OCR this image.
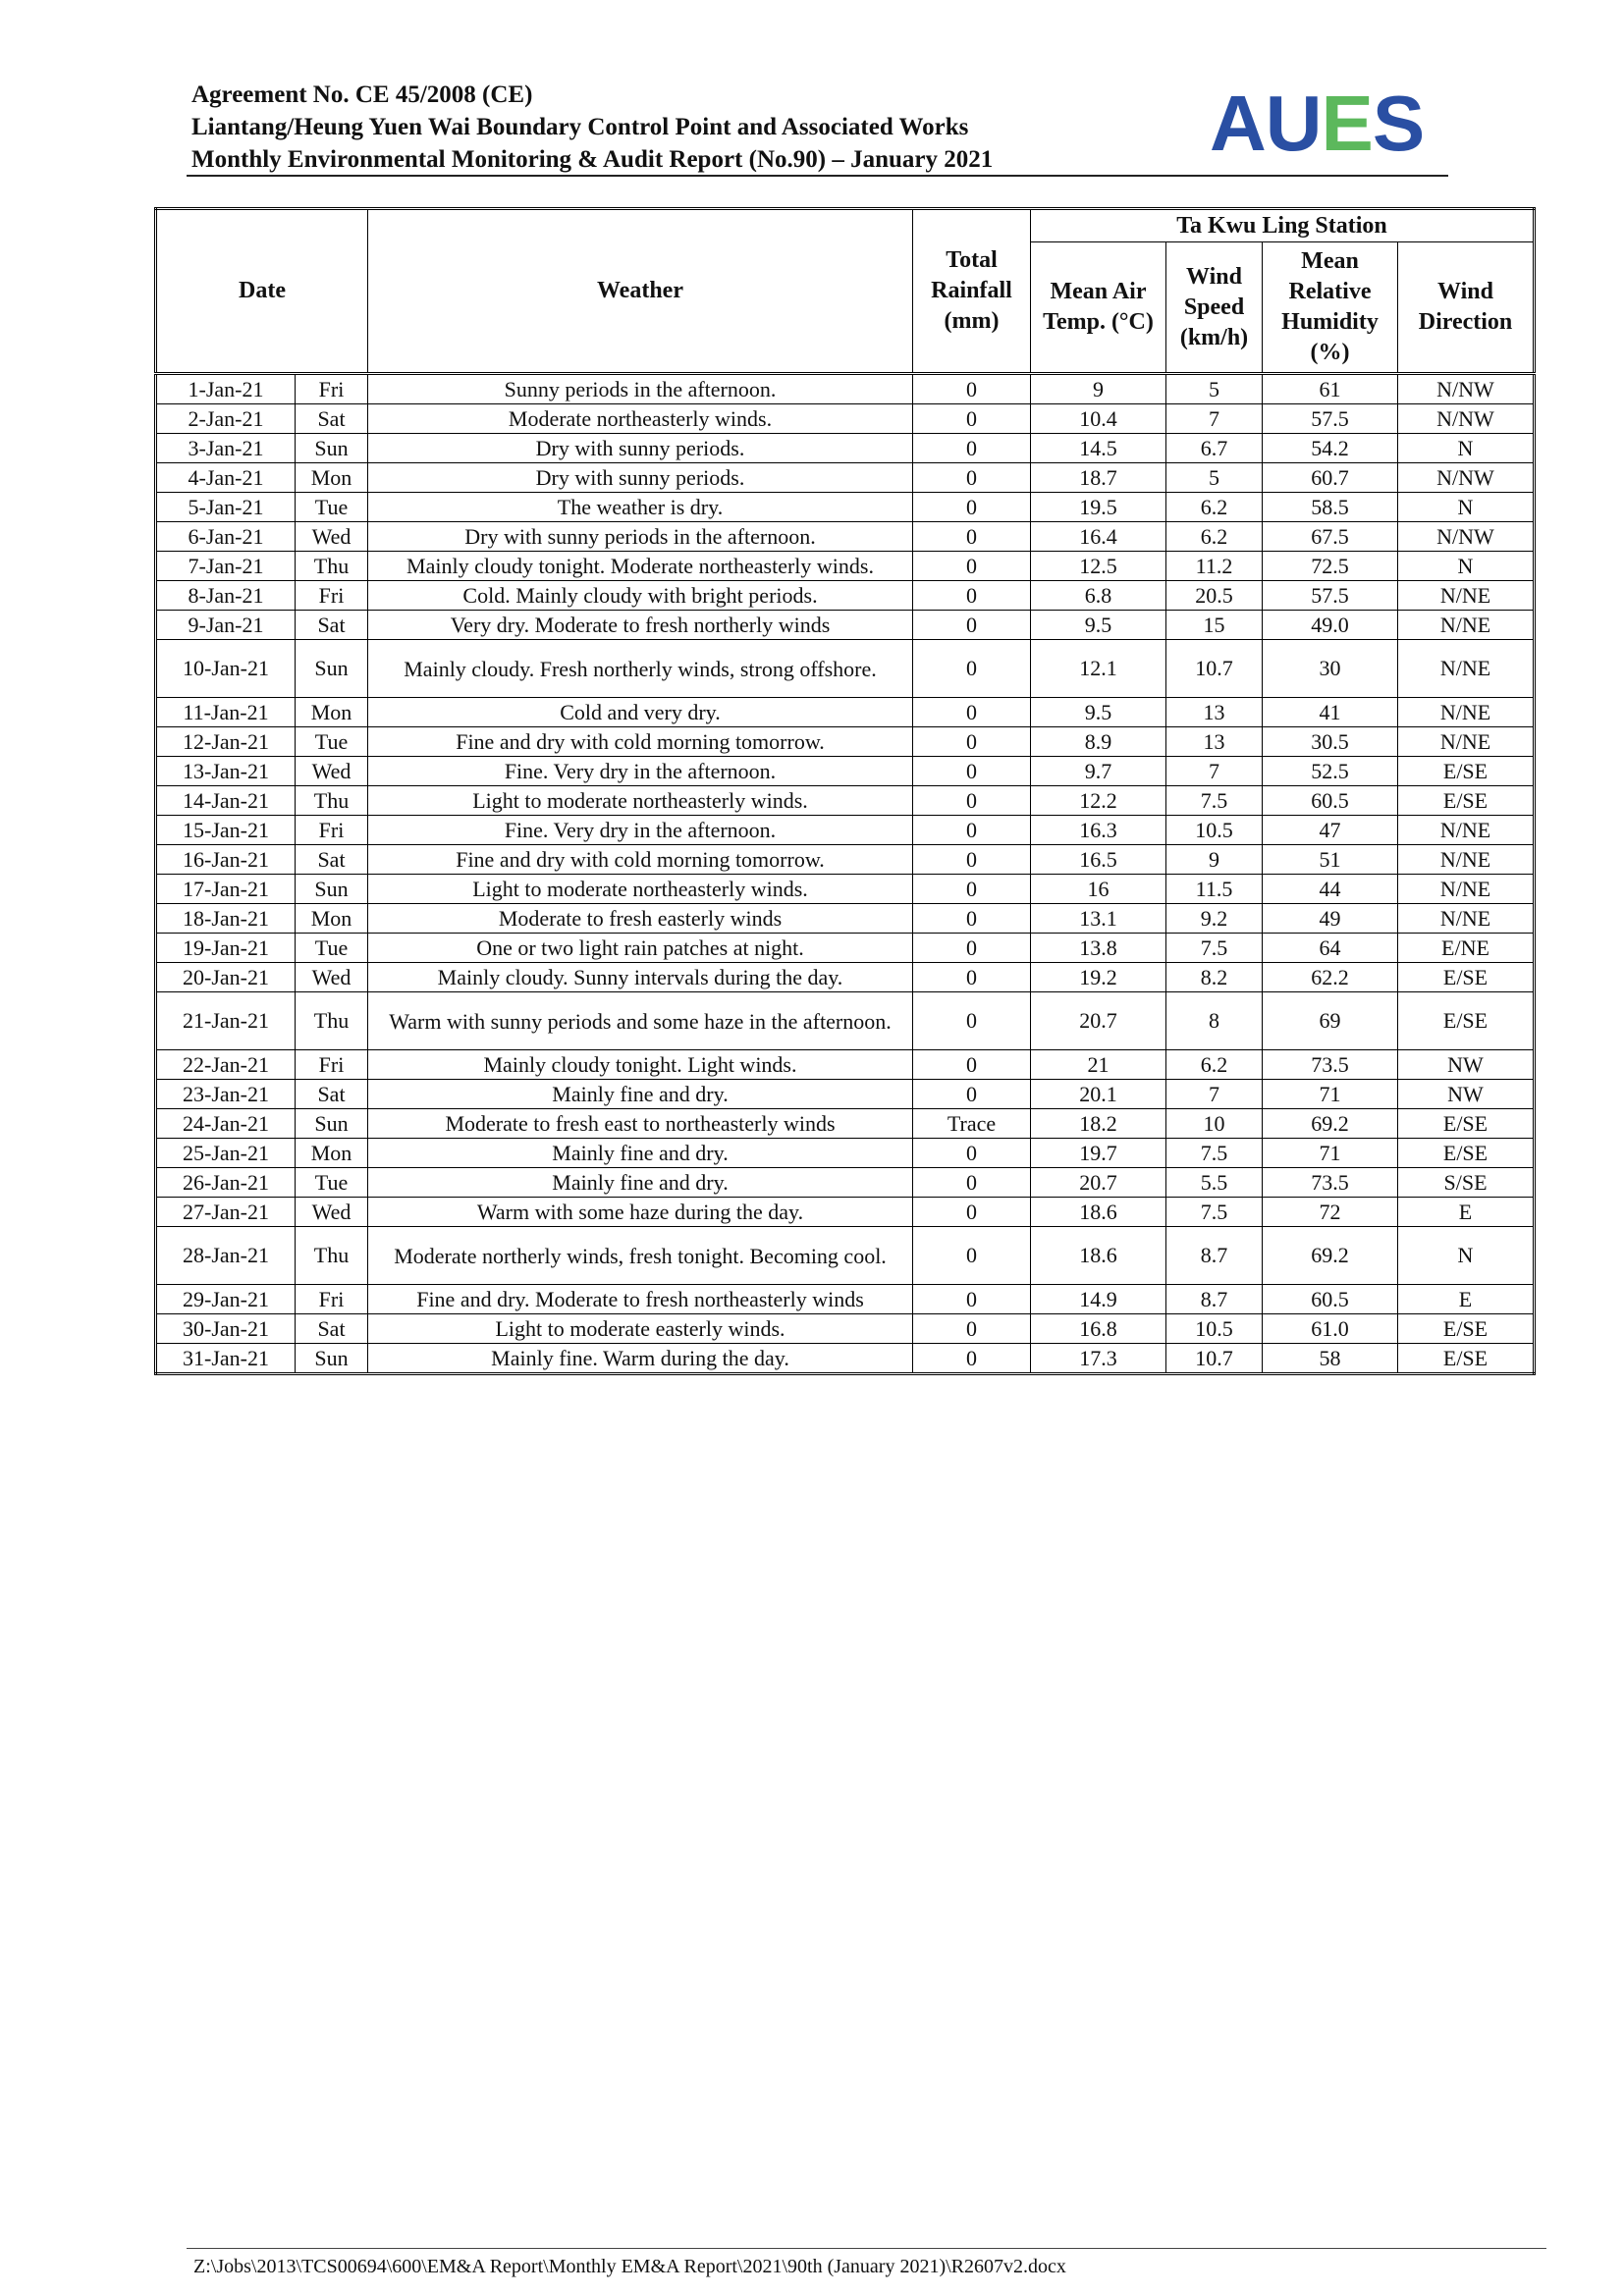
Agreement No. CE 45/2008 (CE)
Liantang/Heung Yuen Wai Boundary Control Point and Associated Works
Monthly Environmental Monitoring & Audit Report (No.90) – January 2021	AUES
Date		Weather	Total Rainfall (mm)	Ta Kwu Ling Station			
				Mean Air Temp. (°C)	Wind Speed (km/h)	Mean Relative Humidity (%)	Wind Direction
1-Jan-21	Fri	Sunny periods in the afternoon.	0	9	5	61	N/NW
2-Jan-21	Sat	Moderate northeasterly winds.	0	10.4	7	57.5	N/NW
3-Jan-21	Sun	Dry with sunny periods.	0	14.5	6.7	54.2	N
4-Jan-21	Mon	Dry with sunny periods.	0	18.7	5	60.7	N/NW
5-Jan-21	Tue	The weather is dry.	0	19.5	6.2	58.5	N
6-Jan-21	Wed	Dry with sunny periods in the afternoon.	0	16.4	6.2	67.5	N/NW
7-Jan-21	Thu	Mainly cloudy tonight. Moderate northeasterly winds.	0	12.5	11.2	72.5	N
8-Jan-21	Fri	Cold. Mainly cloudy with bright periods.	0	6.8	20.5	57.5	N/NE
9-Jan-21	Sat	Very dry. Moderate to fresh northerly winds	0	9.5	15	49.0	N/NE
10-Jan-21	Sun	Mainly cloudy. Fresh northerly winds, strong offshore.	0	12.1	10.7	30	N/NE
11-Jan-21	Mon	Cold and very dry.	0	9.5	13	41	N/NE
12-Jan-21	Tue	Fine and dry with cold morning tomorrow.	0	8.9	13	30.5	N/NE
13-Jan-21	Wed	Fine. Very dry in the afternoon.	0	9.7	7	52.5	E/SE
14-Jan-21	Thu	Light to moderate northeasterly winds.	0	12.2	7.5	60.5	E/SE
15-Jan-21	Fri	Fine. Very dry in the afternoon.	0	16.3	10.5	47	N/NE
16-Jan-21	Sat	Fine and dry with cold morning tomorrow.	0	16.5	9	51	N/NE
17-Jan-21	Sun	Light to moderate northeasterly winds.	0	16	11.5	44	N/NE
18-Jan-21	Mon	Moderate to fresh easterly winds	0	13.1	9.2	49	N/NE
19-Jan-21	Tue	One or two light rain patches at night.	0	13.8	7.5	64	E/NE
20-Jan-21	Wed	Mainly cloudy. Sunny intervals during the day.	0	19.2	8.2	62.2	E/SE
21-Jan-21	Thu	Warm with sunny periods and some haze in the afternoon.	0	20.7	8	69	E/SE
22-Jan-21	Fri	Mainly cloudy tonight. Light winds.	0	21	6.2	73.5	NW
23-Jan-21	Sat	Mainly fine and dry.	0	20.1	7	71	NW
24-Jan-21	Sun	Moderate to fresh east to northeasterly winds	Trace	18.2	10	69.2	E/SE
25-Jan-21	Mon	Mainly fine and dry.	0	19.7	7.5	71	E/SE
26-Jan-21	Tue	Mainly fine and dry.	0	20.7	5.5	73.5	S/SE
27-Jan-21	Wed	Warm with some haze during the day.	0	18.6	7.5	72	E
28-Jan-21	Thu	Moderate northerly winds, fresh tonight. Becoming cool.	0	18.6	8.7	69.2	N
29-Jan-21	Fri	Fine and dry. Moderate to fresh northeasterly winds	0	14.9	8.7	60.5	E
30-Jan-21	Sat	Light to moderate easterly winds.	0	16.8	10.5	61.0	E/SE
31-Jan-21	Sun	Mainly fine. Warm during the day.	0	17.3	10.7	58	E/SE
Z:\Jobs\2013\TCS00694\600\EM&A Report\Monthly EM&A Report\2021\90th (January 2021)\R2607v2.docx
